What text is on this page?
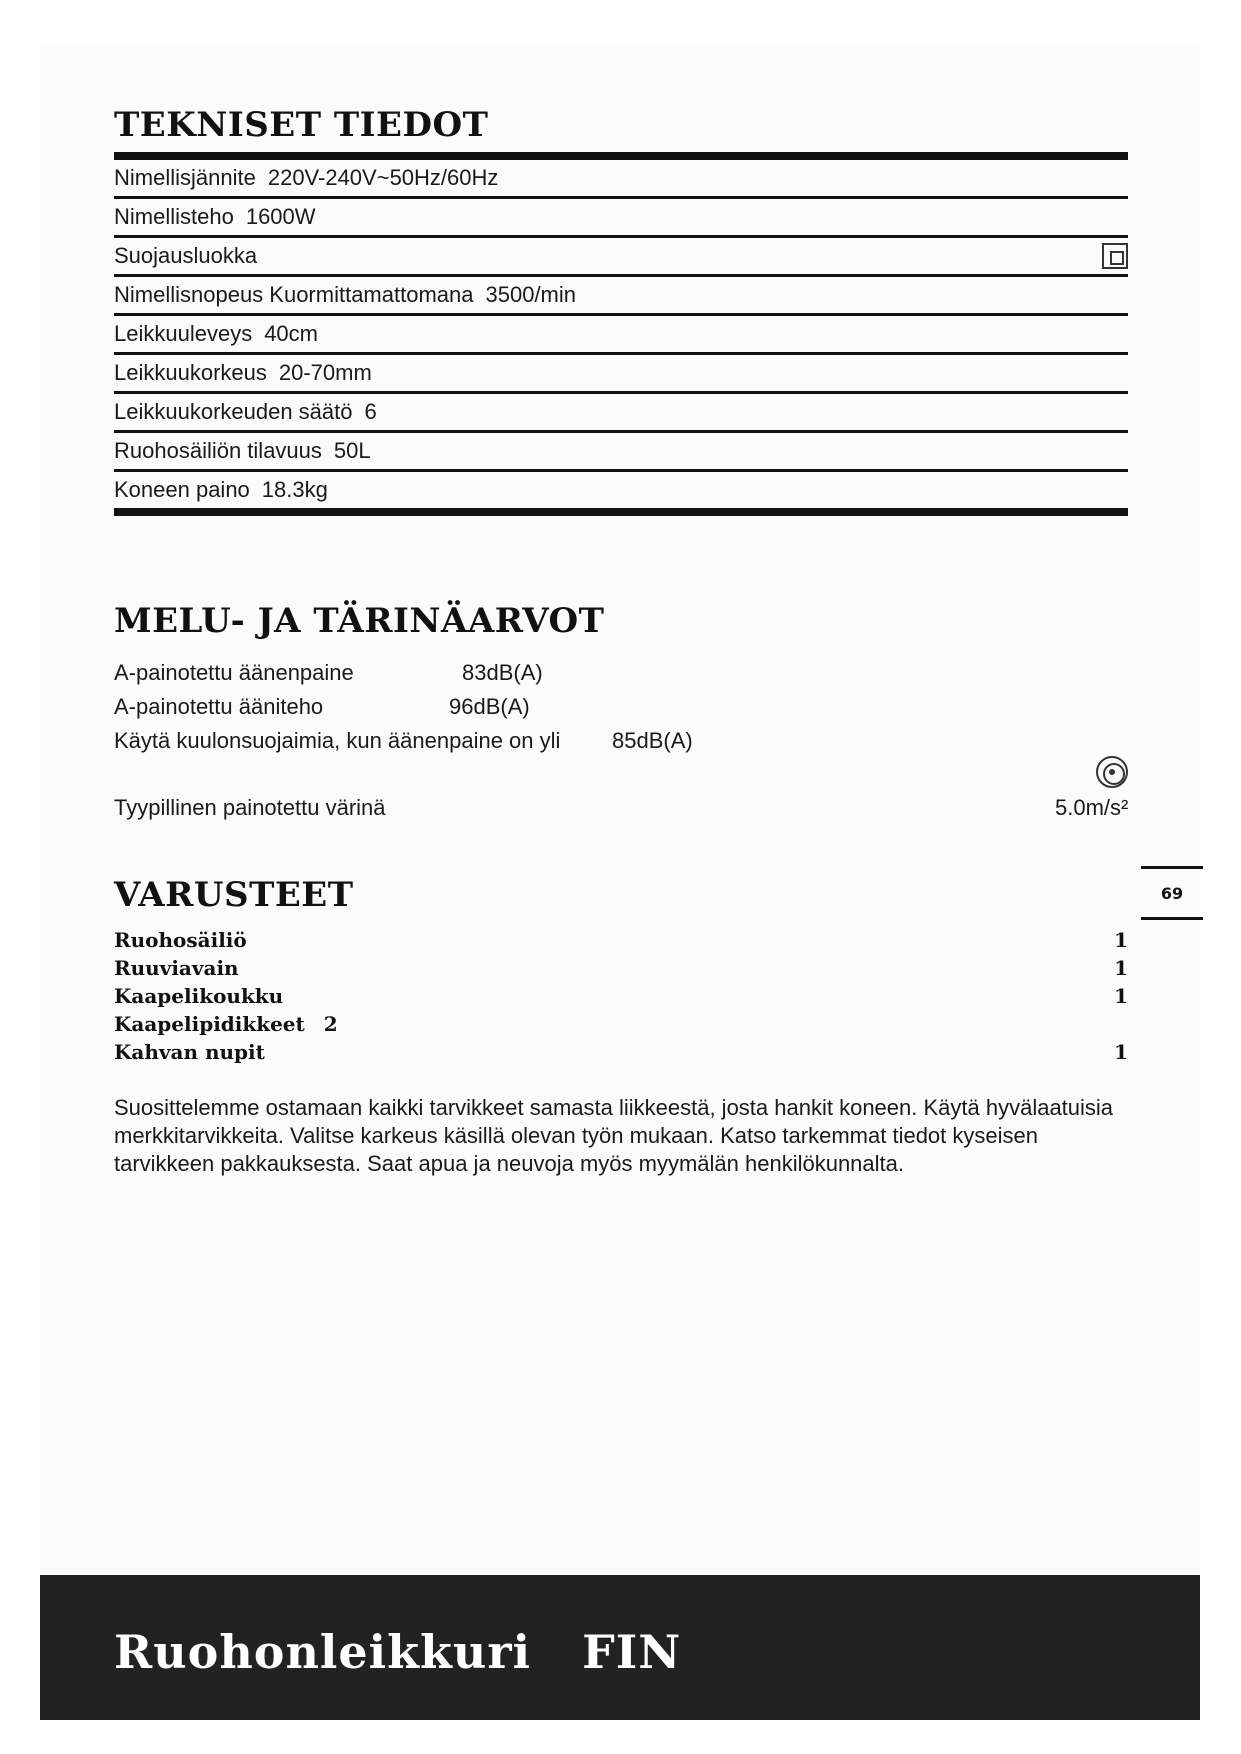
TEKNISET TIEDOT
Nimellisjännite 220V-240V~50Hz/60Hz
Nimellisteho 1600W
Suojausluokka
Nimellisnopeus Kuormittamattomana 3500/min
Leikkuuleveys 40cm
Leikkuukorkeus 20-70mm
Leikkuukorkeuden säätö 6
Ruohosäiliön tilavuus 50L
Koneen paino 18.3kg
MELU- JA TÄRINÄARVOT
A-painotettu äänenpaine	83dB(A)
A-painotettu ääniteho	96dB(A)
Käytä kuulonsuojaimia, kun äänenpaine on yli 85dB(A)
Tyypillinen painotettu värinä	5.0m/s²
69
VARUSTEET
Ruohosäiliö	1
Ruuviavain	1
Kaapelikoukku	1
Kaapelipidikkeet 2
Kahvan nupit	1

Suosittelemme ostamaan kaikki tarvikkeet samasta liikkeestä, josta hankit koneen. Käytä hyvälaatuisia merkkitarvikkeita. Valitse karkeus käsillä olevan työn mukaan. Katso tarkemmat tiedot kyseisen tarvikkeen pakkauksesta. Saat apua ja neuvoja myös myymälän henkilökunnalta.

Ruohonleikkuri FIN
